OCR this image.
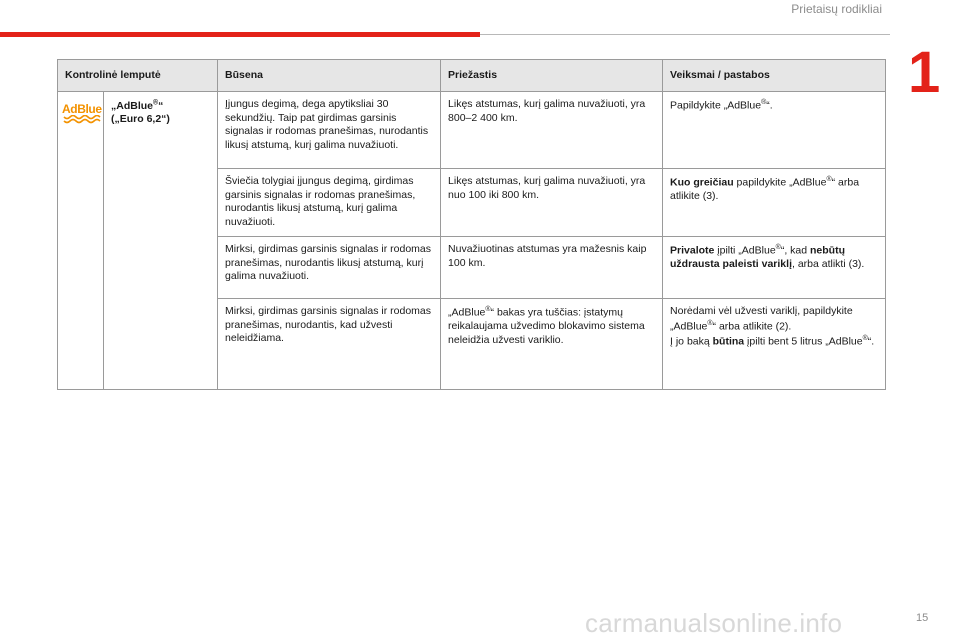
Prietaisų rodikliai
1
Kontrolinė lemputė		Būsena	Priežastis	Veiksmai / pastabos

AdBlue	„AdBlue®“
(„Euro 6,2“)	Įjungus degimą, dega apytiksliai 30 sekundžių. Taip pat girdimas garsinis signalas ir rodomas pranešimas, nurodantis likusį atstumą, kurį galima nuvažiuoti.	Likęs atstumas, kurį galima nuvažiuoti, yra 800–2 400 km.	Papildykite „AdBlue®“.
		Šviečia tolygiai įjungus degimą, girdimas garsinis signalas ir rodomas pranešimas, nurodantis likusį atstumą, kurį galima nuvažiuoti.	Likęs atstumas, kurį galima nuvažiuoti, yra nuo 100 iki 800 km.	Kuo greičiau papildykite „AdBlue®“ arba atlikite (3).
		Mirksi, girdimas garsinis signalas ir rodomas pranešimas, nurodantis likusį atstumą, kurį galima nuvažiuoti.	Nuvažiuotinas atstumas yra mažesnis kaip 100 km.	Privalote įpilti „AdBlue®“, kad nebūtų uždrausta paleisti variklį, arba atlikti (3).
		Mirksi, girdimas garsinis signalas ir rodomas pranešimas, nurodantis, kad užvesti neleidžiama.	„AdBlue®“ bakas yra tuščias: įstatymų reikalaujama užvedimo blokavimo sistema neleidžia užvesti variklio.	Norėdami vėl užvesti variklį, papildykite „AdBlue®“ arba atlikite (2).
Į jo baką būtina įpilti bent 5 litrus „AdBlue®“.
carmanualsonline.info	15
